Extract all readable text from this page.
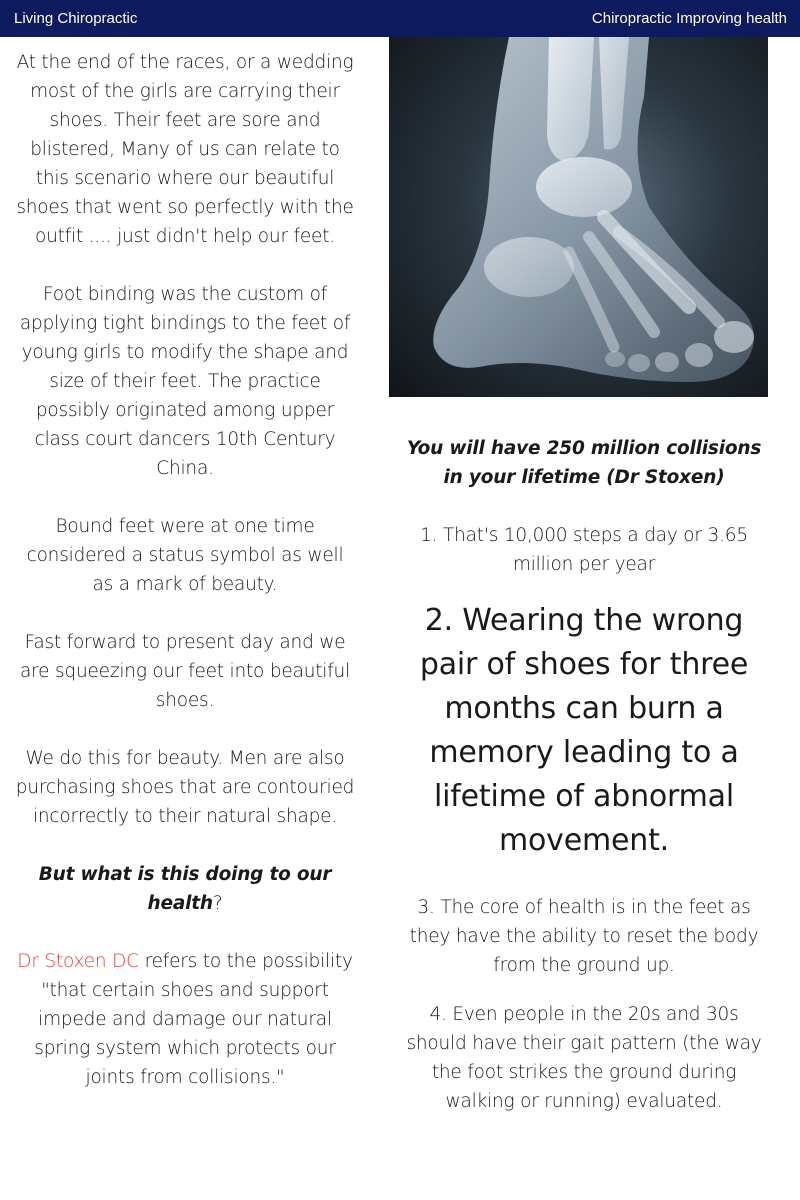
Living Chiropractic	Chiropractic Improving health

At the end of the races, or a wedding most of the girls are carrying their shoes. Their feet are sore and blistered, Many of us can relate to this scenario where our beautiful shoes that went so perfectly with the outfit .... just didn't help our feet.

Foot binding was the custom of applying tight bindings to the feet of young girls to modify the shape and size of their feet. The practice possibly originated among upper class court dancers 10th Century China.

Bound feet were at one time considered a status symbol as well as a mark of beauty.

Fast forward to present day and we are squeezing our feet into beautiful shoes.

We do this for beauty. Men are also purchasing shoes that are contouried incorrectly to their natural shape.

But what is this doing to our health?

Dr Stoxen DC refers to the possibility "that certain shoes and support impede and damage our natural spring system which protects our joints from collisions."

You will have 250 million collisions in your lifetime (Dr Stoxen)

1. That's 10,000 steps a day or 3.65 million per year

2. Wearing the wrong pair of shoes for three months can burn a memory leading to a lifetime of abnormal movement.

3. The core of health is in the feet as they have the ability to reset the body from the ground up.

4. Even people in the 20s and 30s should have their gait pattern (the way the foot strikes the ground during walking or running) evaluated.
